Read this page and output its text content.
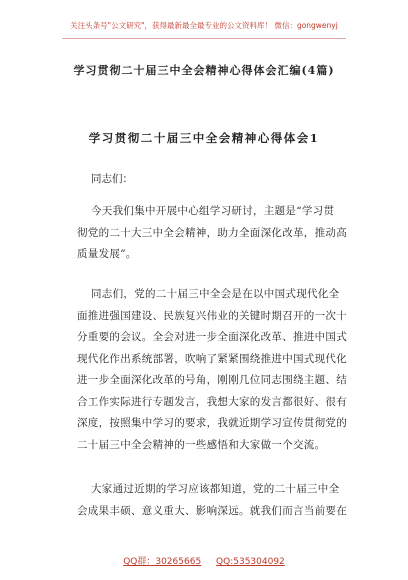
关注头条号"公文研究"，获得最新最全最专业的公文资料库！ 微信：gongwenyj
学习贯彻二十届三中全会精神心得体会汇编(4篇)
学习贯彻二十届三中全会精神心得体会1
同志们：
今天我们集中开展中心组学习研讨，主题是“学习贯
彻党的二十大三中全会精神，助力全面深化改革，推动高
质量发展”。
同志们，党的二十届三中全会是在以中国式现代化全
面推进强国建设、民族复兴伟业的关键时期召开的一次十
分重要的会议。全会对进一步全面深化改革、推进中国式
现代化作出系统部署，吹响了紧紧围绕推进中国式现代化
进一步全面深化改革的号角，刚刚几位同志围绕主题、结
合工作实际进行专题发言，我想大家的发言都很好、很有
深度，按照集中学习的要求，我就近期学习宣传贯彻党的
二十届三中全会精神的一些感悟和大家做一个交流。
大家通过近期的学习应该都知道，党的二十届三中全
会成果丰硕、意义重大、影响深远。就我们而言当前要在
QQ群：30265665 QQ:535304092
